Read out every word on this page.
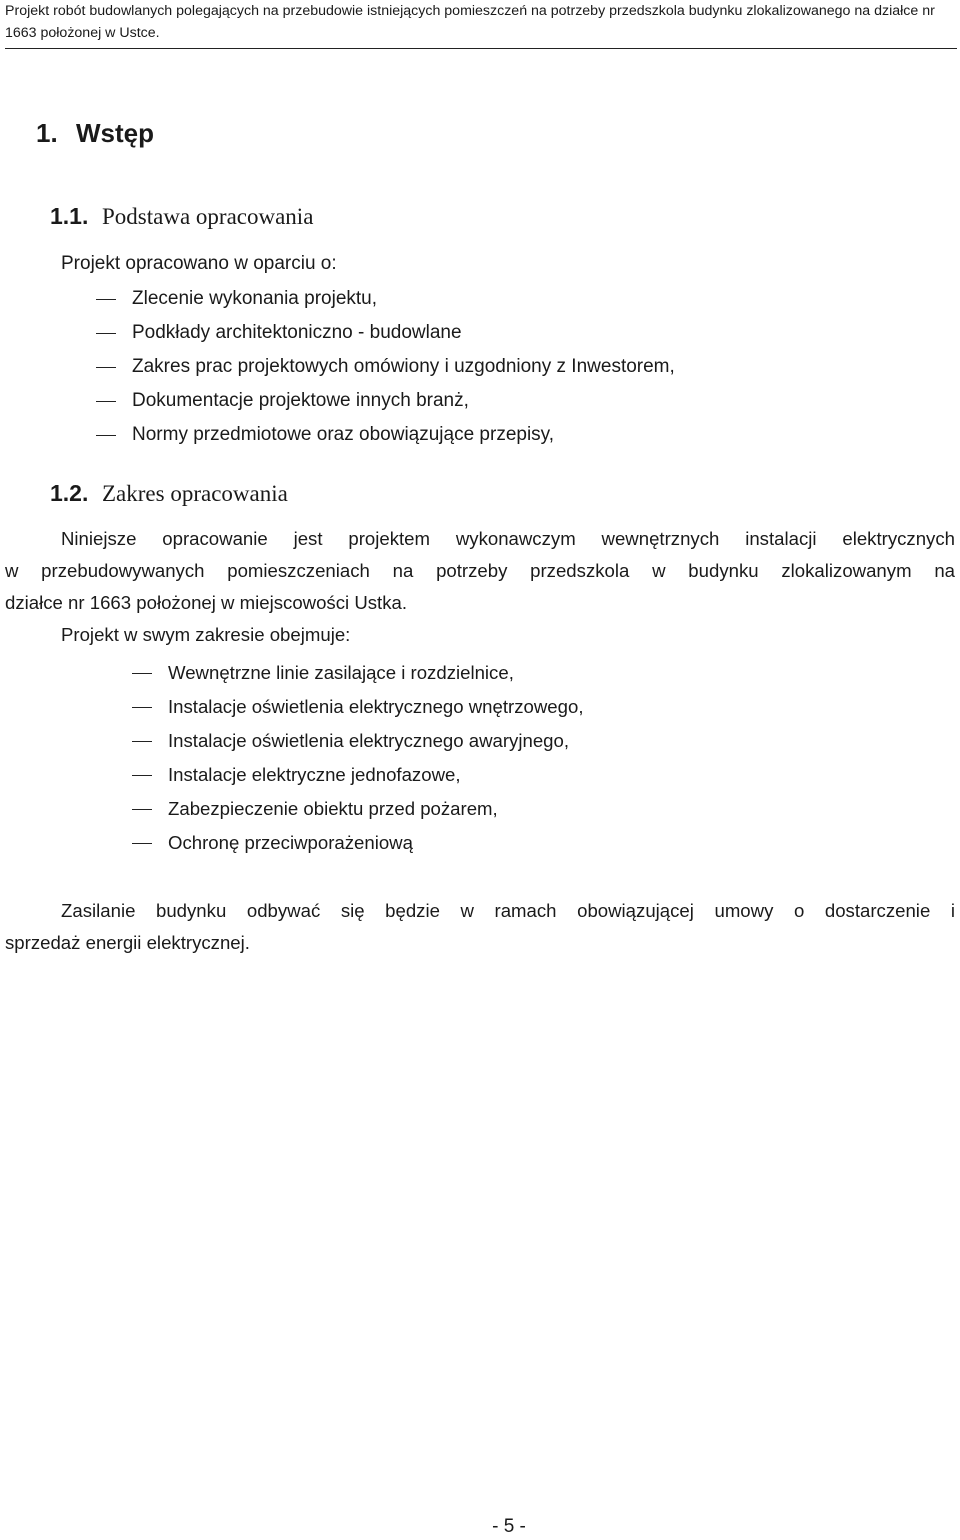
Projekt robót budowlanych polegających na przebudowie istniejących pomieszczeń na potrzeby przedszkola budynku zlokalizowanego na działce nr
1663 położonej w Ustce.
1. Wstęp
1.1. Podstawa opracowania
Projekt opracowano w oparciu o:
Zlecenie wykonania projektu,
Podkłady architektoniczno - budowlane
Zakres prac projektowych omówiony i uzgodniony z Inwestorem,
Dokumentacje projektowe innych branż,
Normy przedmiotowe oraz obowiązujące przepisy,
1.2. Zakres opracowania
Niniejsze opracowanie jest projektem wykonawczym wewnętrznych instalacji elektrycznych
w przebudowywanych pomieszczeniach na potrzeby przedszkola w budynku zlokalizowanym na
działce nr 1663 położonej w miejscowości Ustka.
Projekt w swym zakresie obejmuje:
Wewnętrzne linie zasilające i rozdzielnice,
Instalacje oświetlenia elektrycznego wnętrzowego,
Instalacje oświetlenia elektrycznego awaryjnego,
Instalacje elektryczne jednofazowe,
Zabezpieczenie obiektu przed pożarem,
Ochronę przeciwporażeniową
Zasilanie budynku odbywać się będzie w ramach obowiązującej umowy o dostarczenie i
sprzedaż energii elektrycznej.
- 5 -
